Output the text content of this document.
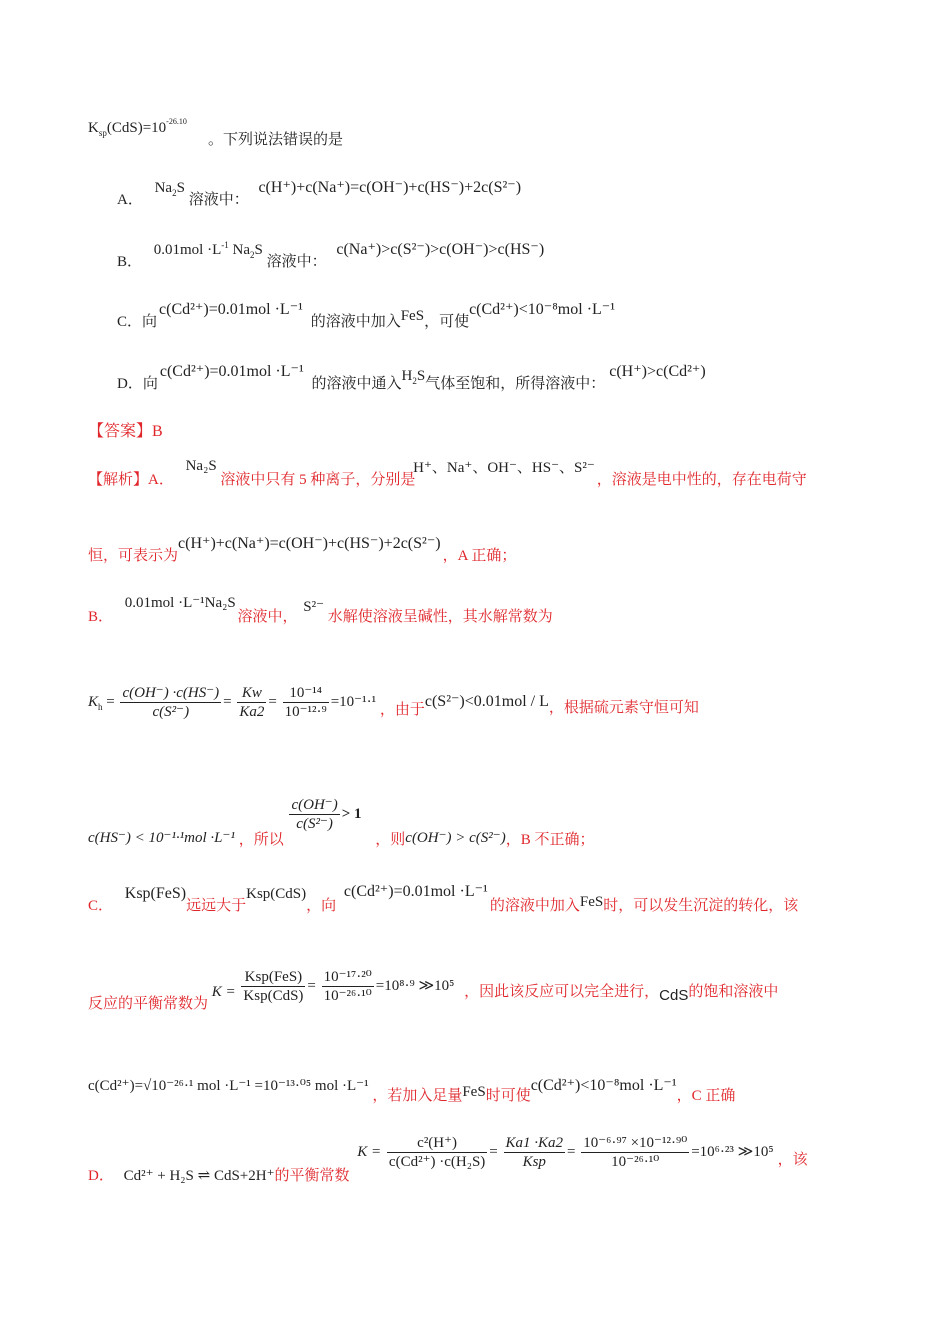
$K_{sp}(CdS)=10^{-26.10}$
。下列说法错误的是
A． $Na_2S$ 溶液中： c(H⁺)+c(Na⁺)=c(OH⁻)+c(HS⁻)+2c(S²⁻)
B． $0.01mol \cdot L^{-1}$ $Na_2S$ 溶液中： c(Na⁺)>c(S²⁻)>c(OH⁻)>c(HS⁻)
C．向c(Cd²⁺)=0.01mol ·L⁻¹ 的溶液中加入FeS，可使c(Cd²⁺)<10⁻⁸mol ·L⁻¹
D．向c(Cd²⁺)=0.01mol ·L⁻¹ 的溶液中通入$H_2S$气体至饱和，所得溶液中：c(H⁺)>c(Cd²⁺)
【答案】B
【解析】A． Na₂S 溶液中只有 5 种离子，分别是 H⁺、Na⁺、OH⁻、HS⁻、S²⁻，溶液是电中性的，存在电荷守
恒，可表示为c(H⁺)+c(Na⁺)=c(OH⁻)+c(HS⁻)+2c(S²⁻)，A 正确；
B． 0.01mol ·L⁻¹Na₂S 溶液中， S²⁻ 水解使溶液呈碱性，其水解常数为
$K_h = \frac{c(OH^-) \cdot c(HS^-)}{\text{c(S²⁻)}} = \frac{Kw}{Ka2} = \frac{\text{10⁻¹⁴}}{\text{10⁻¹²·⁹}} =10^{-1}\cdot^1$ ，由于c(S²⁻)<0.01mol / L，根据硫元素守恒可知
c(HS⁻) < 10⁻¹·¹mol ·L⁻¹ ，所以
$\frac{c(OH^-)}{\text{c(S²⁻)}} > 1$ ，则c(OH⁻) > c(S²⁻)，B 不正确；
C． Ksp(FeS)远远大于Ksp(CdS)，向 c(Cd²⁺)=0.01mol ·L⁻¹的溶液中加入FeS时，可以发生沉淀的转化，该
反应的平衡常数为 $K = \frac{\text{Ksp(FeS)}}{\text{Ksp(CdS)}} = \frac{\text{10⁻¹⁷·²⁰}}{\text{10⁻²⁶·¹⁰}} =10^8\cdot^9$ ≫10⁵ ，因此该反应可以完全进行，CdS的饱和溶液中
c(Cd²⁺)=√10⁻²⁶·¹ mol ·L⁻¹ =10⁻¹³·⁰⁵ mol ·L⁻¹ ，若加入足量FeS时可使c(Cd²⁺)<10⁻⁸mol ·L⁻¹，C 正确
D． Cd²⁺ + H₂S ⇌ CdS+2H⁺的平衡常数 $K = \frac{\text{c²(H⁺)}}{\text{c(Cd²⁺) ·c(H₂S)}} = \frac{Ka1 \cdot Ka2}{\text{Ksp}} = \frac{\text{10⁻⁶·⁹⁷ ×10⁻¹²·⁹⁰}}{\text{10⁻²⁶·¹⁰}} =10^6\cdot^{23}$ ≫10⁵ ，该
